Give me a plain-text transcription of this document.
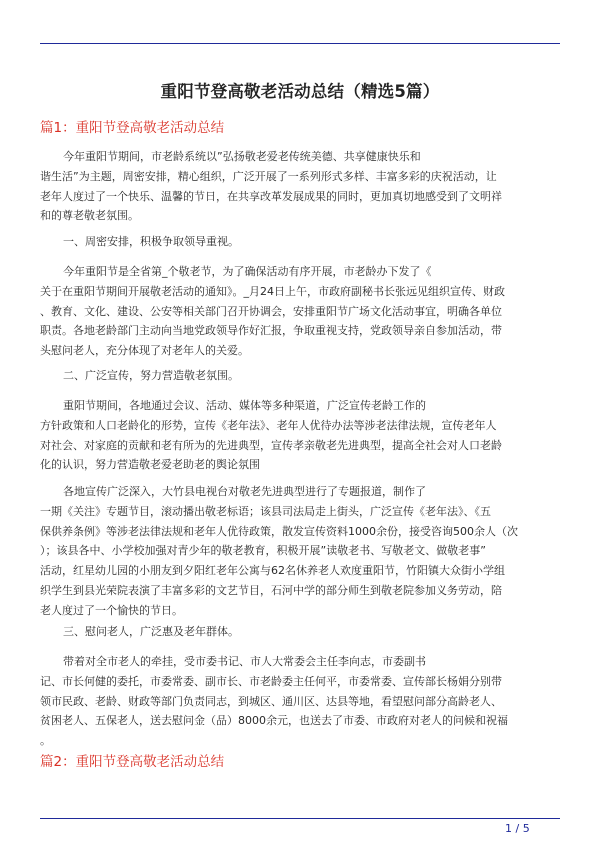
重阳节登高敬老活动总结（精选5篇）
篇1：重阳节登高敬老活动总结
今年重阳节期间，市老龄系统以”弘扬敬老爱老传统美德、共享健康快乐和
谐生活”为主题，周密安排，精心组织，广泛开展了一系列形式多样、丰富多彩的庆祝活动，让
老年人度过了一个快乐、温馨的节日，在共享改革发展成果的同时，更加真切地感受到了文明祥
和的尊老敬老氛围。
一、周密安排，积极争取领导重视。
今年重阳节是全省第_个敬老节，为了确保活动有序开展，市老龄办下发了《
关于在重阳节期间开展敬老活动的通知》。_月24日上午，市政府副秘书长张远见组织宣传、财政
、教育、文化、建设、公安等相关部门召开协调会，安排重阳节广场文化活动事宜，明确各单位
职责。各地老龄部门主动向当地党政领导作好汇报，争取重视支持，党政领导亲自参加活动，带
头慰问老人，充分体现了对老年人的关爱。
二、广泛宣传，努力营造敬老氛围。
重阳节期间，各地通过会议、活动、媒体等多种渠道，广泛宣传老龄工作的
方针政策和人口老龄化的形势，宣传《老年法》、老年人优待办法等涉老法律法规，宣传老年人
对社会、对家庭的贡献和老有所为的先进典型，宣传孝亲敬老先进典型，提高全社会对人口老龄
化的认识，努力营造敬老爱老助老的舆论氛围
各地宣传广泛深入，大竹县电视台对敬老先进典型进行了专题报道，制作了
一期《关注》专题节目，滚动播出敬老标语；该县司法局走上街头，广泛宣传《老年法》、《五
保供养条例》等涉老法律法规和老年人优待政策，散发宣传资料1000余份，接受咨询500余人（次
）；该县各中、小学校加强对青少年的敬老教育，积极开展”读敬老书、写敬老文、做敬老事”
活动，红星幼儿园的小朋友到夕阳红老年公寓与62名休养老人欢度重阳节，竹阳镇大众街小学组
织学生到县光荣院表演了丰富多彩的文艺节目，石河中学的部分师生到敬老院参加义务劳动，陪
老人度过了一个愉快的节日。
三、慰问老人，广泛惠及老年群体。
带着对全市老人的牵挂，受市委书记、市人大常委会主任李向志，市委副书
记、市长何健的委托，市委常委、副市长、市老龄委主任何平，市委常委、宣传部长杨娟分别带
领市民政、老龄、财政等部门负责同志，到城区、通川区、达县等地，看望慰问部分高龄老人、
贫困老人、五保老人，送去慰问金（品）8000余元，也送去了市委、市政府对老人的问候和祝福
。
篇2：重阳节登高敬老活动总结
1 / 5
